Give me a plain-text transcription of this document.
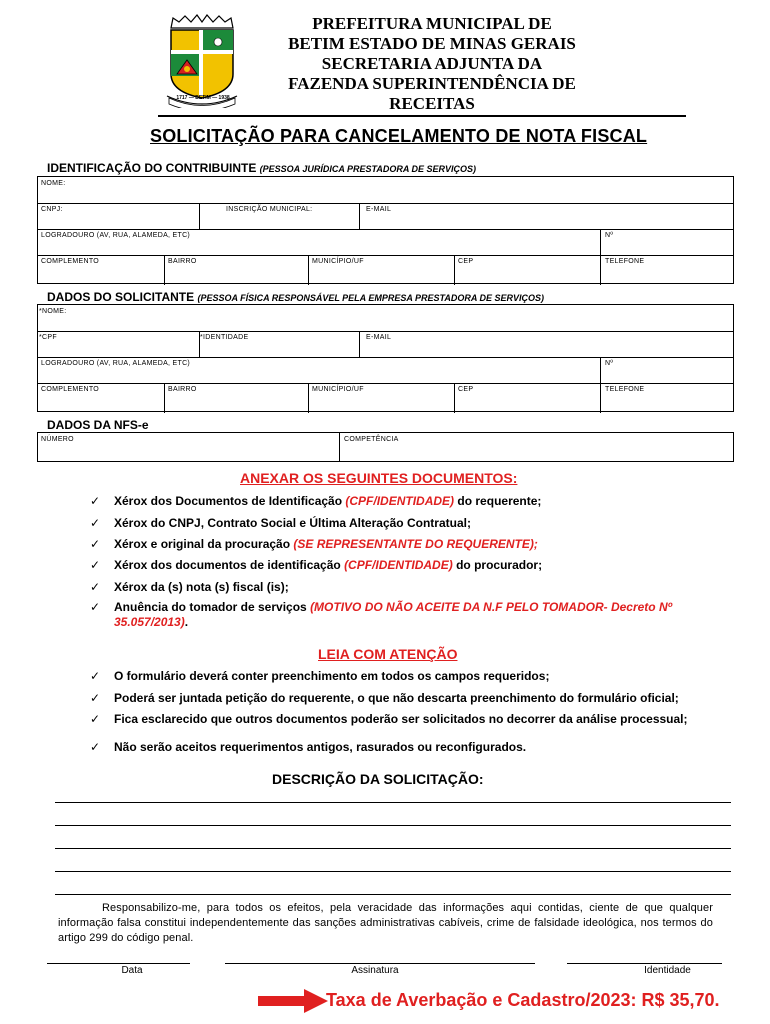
1717 — BETIM — 1938
PREFEITURA MUNICIPAL DE
BETIM ESTADO DE MINAS GERAIS
SECRETARIA ADJUNTA DA
FAZENDA SUPERINTENDÊNCIA DE
RECEITAS
SOLICITAÇÃO PARA CANCELAMENTO DE NOTA FISCAL
IDENTIFICAÇÃO DO CONTRIBUINTE (PESSOA JURÍDICA PRESTADORA DE SERVIÇOS)
NOME:
CNPJ:	INSCRIÇÃO MUNICIPAL:	E-MAIL
LOGRADOURO (AV, RUA, ALAMEDA, ETC)	Nº
COMPLEMENTO	BAIRRO	MUNICÍPIO/UF	CEP	TELEFONE
DADOS DO SOLICITANTE (PESSOA FÍSICA RESPONSÁVEL PELA EMPRESA PRESTADORA DE SERVIÇOS)
*NOME:
*CPF	*IDENTIDADE	E-MAIL
LOGRADOURO (AV, RUA, ALAMEDA, ETC)	Nº
COMPLEMENTO	BAIRRO	MUNICÍPIO/UF	CEP	TELEFONE
DADOS DA NFS-e
NÚMERO	COMPETÊNCIA
ANEXAR OS SEGUINTES DOCUMENTOS:
✓ Xérox dos Documentos de Identificação (CPF/IDENTIDADE) do requerente;
✓ Xérox do CNPJ, Contrato Social e Última Alteração Contratual;
✓ Xérox e original da procuração (SE REPRESENTANTE DO REQUERENTE);
✓ Xérox dos documentos de identificação (CPF/IDENTIDADE) do procurador;
✓ Xérox da (s) nota (s) fiscal (is);
✓ Anuência do tomador de serviços (MOTIVO DO NÃO ACEITE DA N.F PELO TOMADOR- Decreto Nº 35.057/2013).
LEIA COM ATENÇÃO
✓ O formulário deverá conter preenchimento em todos os campos requeridos;
✓ Poderá ser juntada petição do requerente, o que não descarta preenchimento do formulário oficial;
✓ Fica esclarecido que outros documentos poderão ser solicitados no decorrer da análise processual;
✓ Não serão aceitos requerimentos antigos, rasurados ou reconfigurados.
DESCRIÇÃO DA SOLICITAÇÃO:
Responsabilizo-me, para todos os efeitos, pela veracidade das informações aqui contidas, ciente de que qualquer informação falsa constitui independentemente das sanções administrativas cabíveis, crime de falsidade ideológica, nos termos do artigo 299 do código penal.
Data	Assinatura	Identidade
Taxa de Averbação e Cadastro/2023: R$ 35,70.
